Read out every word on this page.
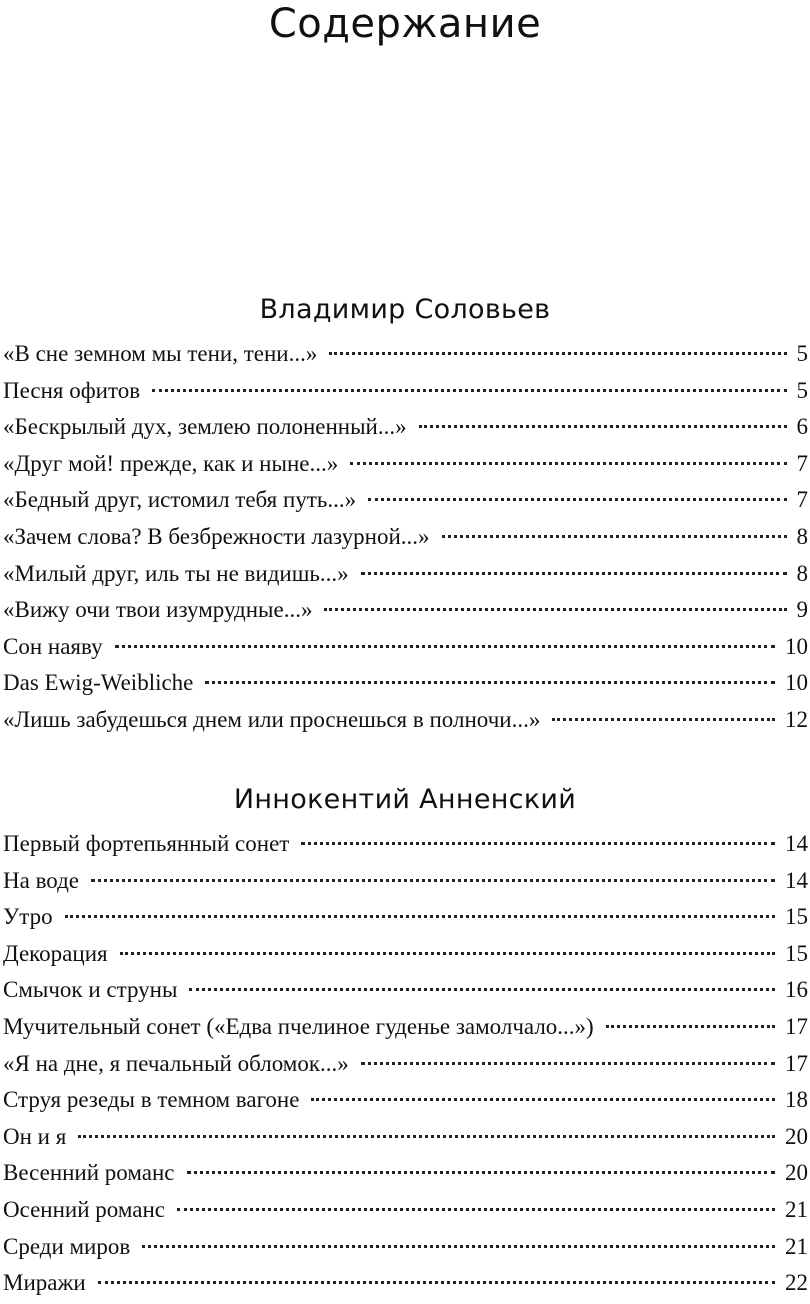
Содержание
Владимир Соловьев
«В сне земном мы тени, тени...»	5
Песня офитов	5
«Бескрылый дух, землею полоненный...»	6
«Друг мой! прежде, как и ныне...»	7
«Бедный друг, истомил тебя путь...»	7
«Зачем слова? В безбрежности лазурной...»	8
«Милый друг, иль ты не видишь...»	8
«Вижу очи твои изумрудные...»	9
Сон наяву	10
Das Ewig-Weibliche	10
«Лишь забудешься днем или проснешься в полночи...»	12
Иннокентий Анненский
Первый фортепьянный сонет	14
На воде	14
Утро	15
Декорация	15
Смычок и струны	16
Мучительный сонет («Едва пчелиное гуденье замолчало...»)	17
«Я на дне, я печальный обломок...»	17
Струя резеды в темном вагоне	18
Он и я	20
Весенний романс	20
Осенний романс	21
Среди миров	21
Миражи	22
